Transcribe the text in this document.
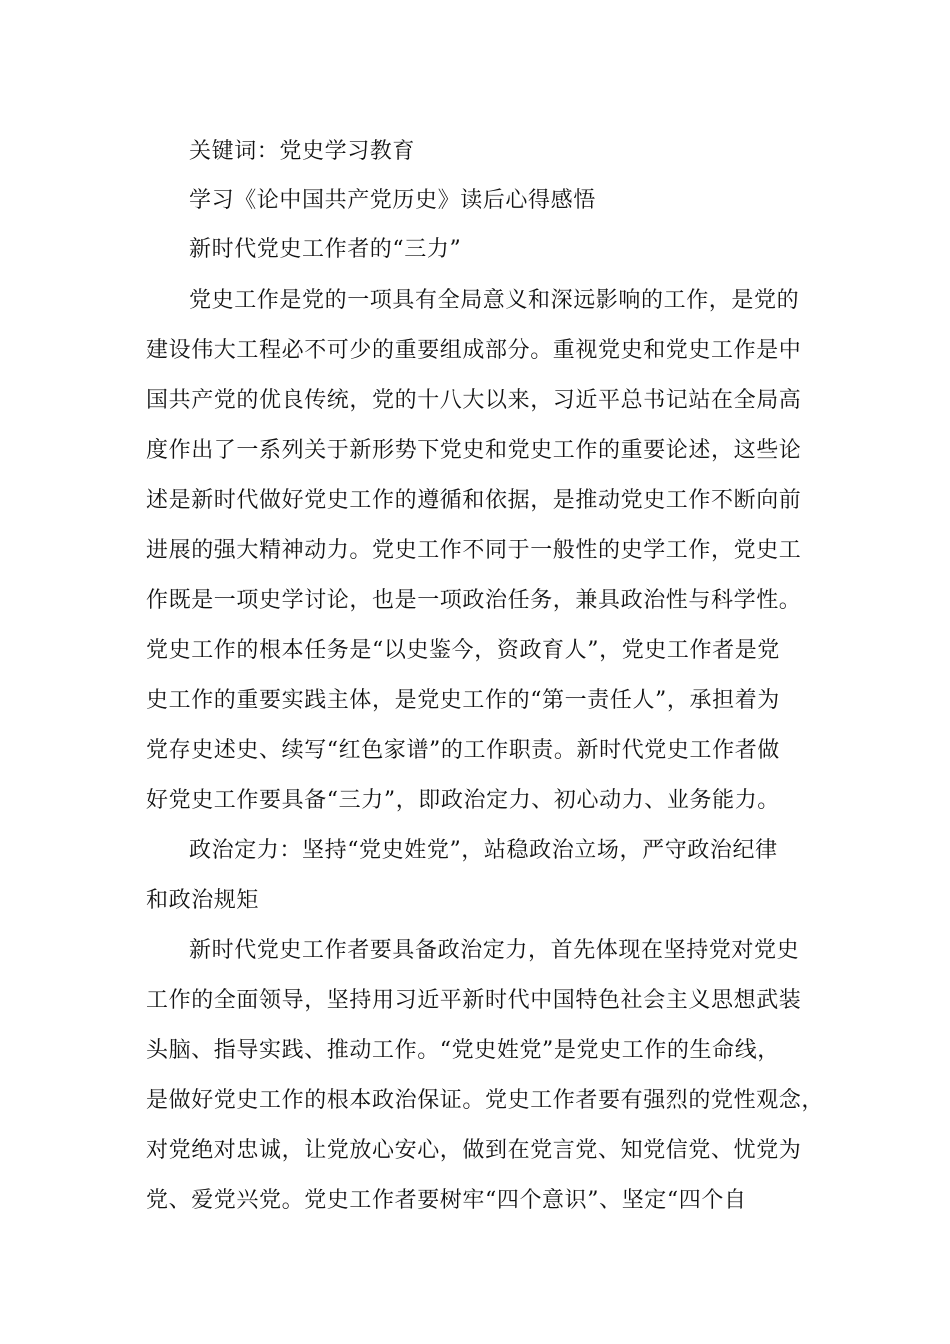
关键词：党史学习教育
学习《论中国共产党历史》读后心得感悟
新时代党史工作者的“三力”
党史工作是党的一项具有全局意义和深远影响的工作，是党的
建设伟大工程必不可少的重要组成部分。重视党史和党史工作是中
国共产党的优良传统，党的十八大以来，习近平总书记站在全局高
度作出了一系列关于新形势下党史和党史工作的重要论述，这些论
述是新时代做好党史工作的遵循和依据，是推动党史工作不断向前
进展的强大精神动力。党史工作不同于一般性的史学工作，党史工
作既是一项史学讨论，也是一项政治任务，兼具政治性与科学性。
党史工作的根本任务是“以史鉴今，资政育人”，党史工作者是党
史工作的重要实践主体，是党史工作的“第一责任人”，承担着为
党存史述史、续写“红色家谱”的工作职责。新时代党史工作者做
好党史工作要具备“三力”，即政治定力、初心动力、业务能力。
政治定力：坚持“党史姓党”，站稳政治立场，严守政治纪律
和政治规矩
新时代党史工作者要具备政治定力，首先体现在坚持党对党史
工作的全面领导，坚持用习近平新时代中国特色社会主义思想武装
头脑、指导实践、推动工作。“党史姓党”是党史工作的生命线，
是做好党史工作的根本政治保证。党史工作者要有强烈的党性观念，
对党绝对忠诚，让党放心安心，做到在党言党、知党信党、忧党为
党、爱党兴党。党史工作者要树牢“四个意识”、坚定“四个自
